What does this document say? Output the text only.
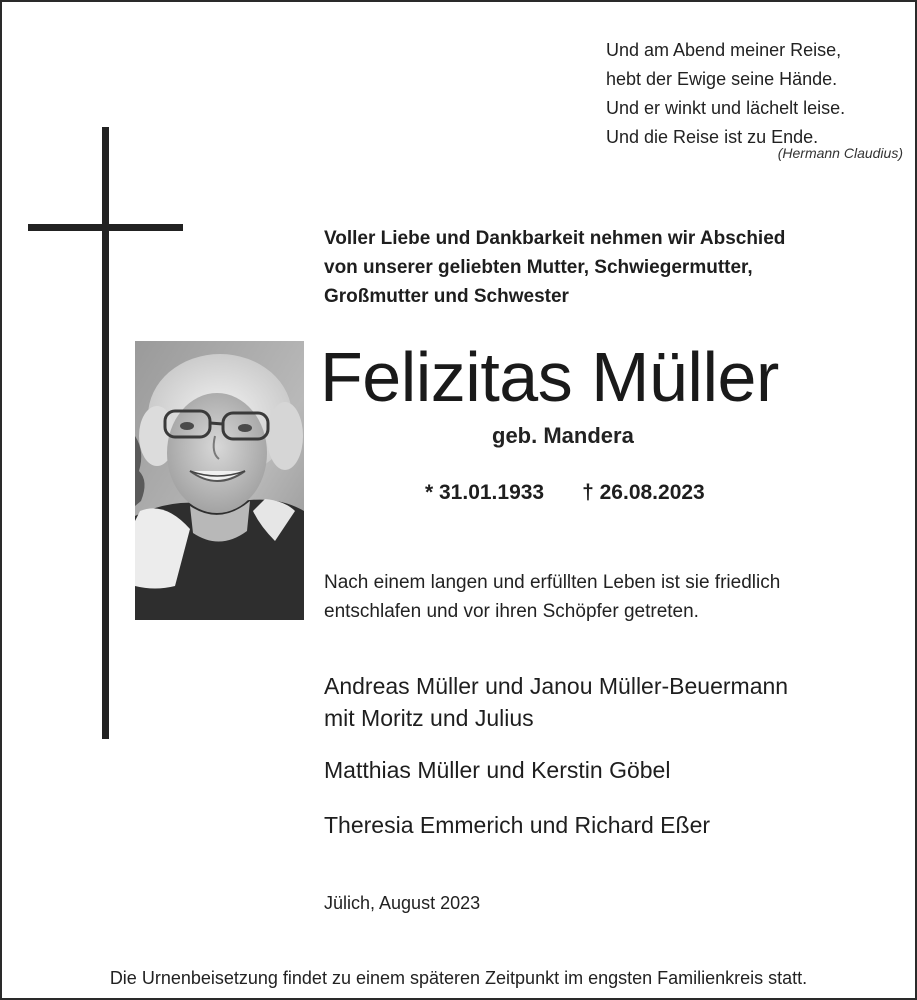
Und am Abend meiner Reise,
hebt der Ewige seine Hände.
Und er winkt und lächelt leise.
Und die Reise ist zu Ende.
(Hermann Claudius)
Voller Liebe und Dankbarkeit nehmen wir Abschied
von unserer geliebten Mutter, Schwiegermutter,
Großmutter und Schwester
Felizitas Müller
geb. Mandera
* 31.01.1933 † 26.08.2023
Nach einem langen und erfüllten Leben ist sie friedlich
entschlafen und vor ihren Schöpfer getreten.
Andreas Müller und Janou Müller-Beuermann
mit Moritz und Julius
Matthias Müller und Kerstin Göbel
Theresia Emmerich und Richard Eßer
Jülich, August 2023
Die Urnenbeisetzung findet zu einem späteren Zeitpunkt im engsten Familienkreis statt.
